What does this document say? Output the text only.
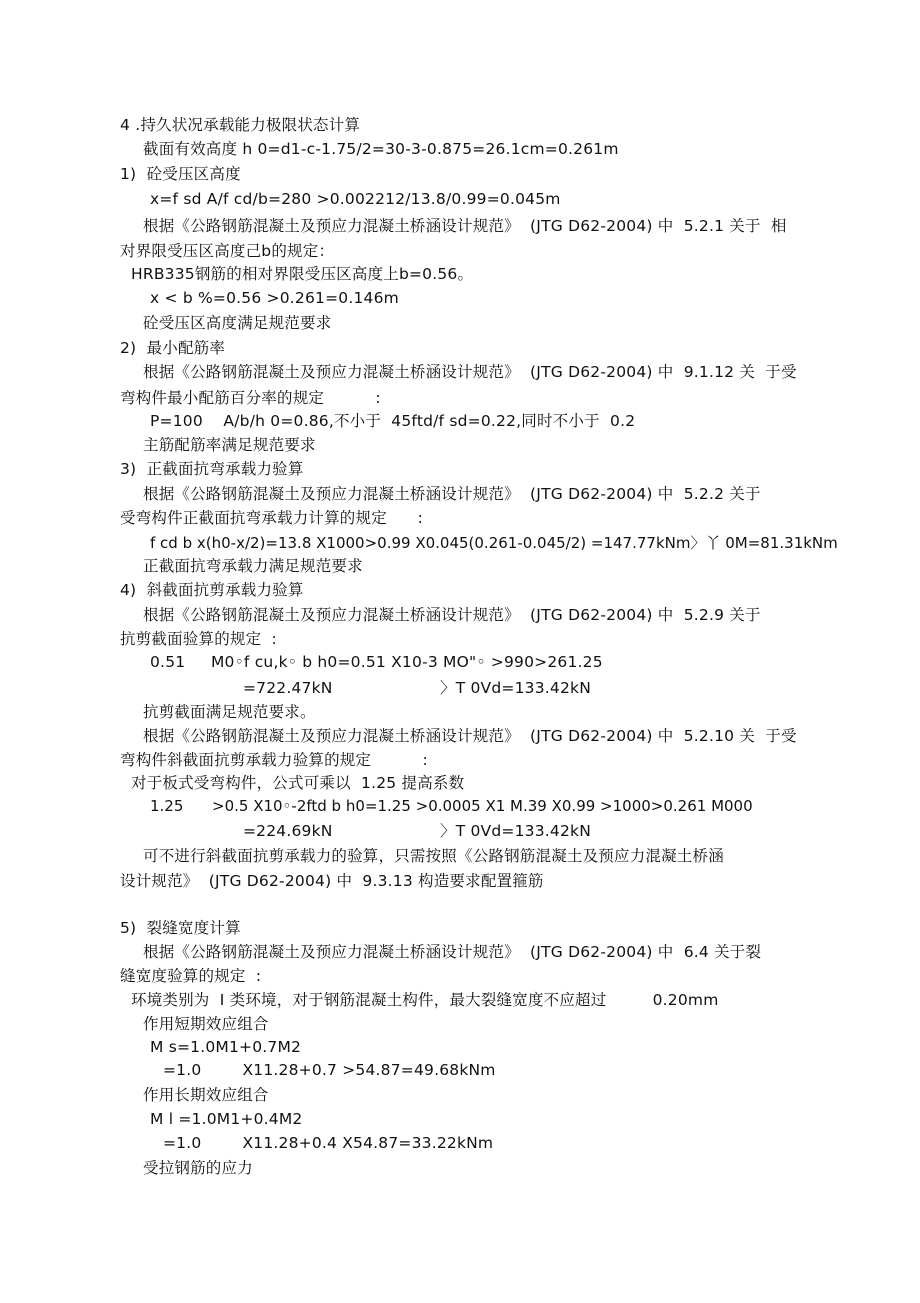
4 .持久状况承载能力极限状态计算
截面有效高度 h 0=d1-c-1.75/2=30-3-0.875=26.1cm=0.261m
1)  砼受压区高度
x=f sd A/f cd/b=280 >0.002212/13.8/0.99=0.045m
根据《公路钢筋混凝土及预应力混凝土桥涵设计规范》  (JTG D62-2004) 中  5.2.1 关于  相
对界限受压区高度己b的规定：
HRB335钢筋的相对界限受压区高度上b=0.56。
x < b %=0.56 >0.261=0.146m
砼受压区高度满足规范要求
2)  最小配筋率
根据《公路钢筋混凝土及预应力混凝土桥涵设计规范》  (JTG D62-2004) 中  9.1.12 关  于受
弯构件最小配筋百分率的规定          :
P=100    A/b/h 0=0.86,不小于  45ftd/f sd=0.22,同时不小于  0.2
主筋配筋率满足规范要求
3)  正截面抗弯承载力验算
根据《公路钢筋混凝土及预应力混凝土桥涵设计规范》  (JTG D62-2004) 中  5.2.2 关于
受弯构件正截面抗弯承载力计算的规定      :
f cd b x(h0-x/2)=13.8 X1000>0.99 X0.045(0.261-0.045/2) =147.77kNm〉丫 0M=81.31kNm
正截面抗弯承载力满足规范要求
4)  斜截面抗剪承载力验算
根据《公路钢筋混凝土及预应力混凝土桥涵设计规范》  (JTG D62-2004) 中  5.2.9 关于
抗剪截面验算的规定  :
0.51     M0◦f cu,k◦ b h0=0.51 X10-3 MO"◦ >990>261.25
=722.47kN	〉T 0Vd=133.42kN
抗剪截面满足规范要求。
根据《公路钢筋混凝土及预应力混凝土桥涵设计规范》  (JTG D62-2004) 中  5.2.10 关  于受
弯构件斜截面抗剪承载力验算的规定          :
对于板式受弯构件，公式可乘以  1.25 提高系数
1.25      >0.5 X10◦-2ftd b h0=1.25 >0.0005 X1 M.39 X0.99 >1000>0.261 M000
=224.69kN	〉T 0Vd=133.42kN
可不进行斜截面抗剪承载力的验算，只需按照《公路钢筋混凝土及预应力混凝土桥涵
设计规范》  (JTG D62-2004) 中  9.3.13 构造要求配置箍筋
5)  裂缝宽度计算
根据《公路钢筋混凝土及预应力混凝土桥涵设计规范》  (JTG D62-2004) 中  6.4 关于裂
缝宽度验算的规定  :
环境类别为  I 类环境，对于钢筋混凝土构件，最大裂缝宽度不应超过         0.20mm
作用短期效应组合
M s=1.0M1+0.7M2
=1.0        X11.28+0.7 >54.87=49.68kNm
作用长期效应组合
M l =1.0M1+0.4M2
=1.0        X11.28+0.4 X54.87=33.22kNm
受拉钢筋的应力
